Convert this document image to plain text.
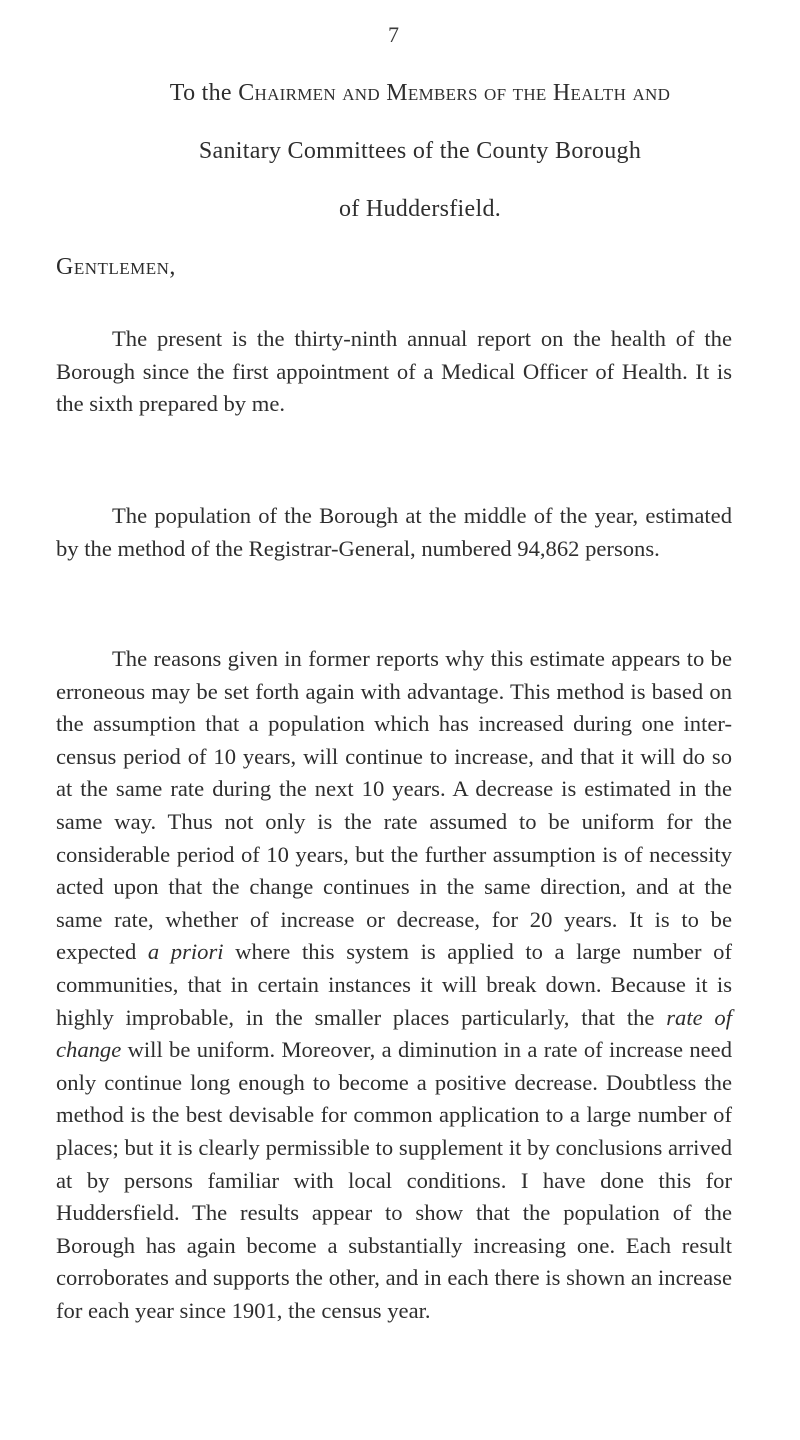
7
To the Chairmen and Members of the Health and
Sanitary Committees of the County Borough
of Huddersfield.
Gentlemen,

The present is the thirty-ninth annual report on the health of the Borough since the first appointment of a Medical Officer of Health. It is the sixth prepared by me.

The population of the Borough at the middle of the year, estimated by the method of the Registrar-General, numbered 94,862 persons.

The reasons given in former reports why this estimate appears to be erroneous may be set forth again with advantage. This method is based on the assumption that a population which has increased during one inter-census period of 10 years, will continue to increase, and that it will do so at the same rate during the next 10 years. A decrease is estimated in the same way. Thus not only is the rate assumed to be uniform for the considerable period of 10 years, but the further assumption is of necessity acted upon that the change continues in the same direction, and at the same rate, whether of increase or decrease, for 20 years. It is to be expected a priori where this system is applied to a large number of communities, that in certain instances it will break down. Because it is highly improbable, in the smaller places particularly, that the rate of change will be uniform. Moreover, a diminution in a rate of increase need only continue long enough to become a positive decrease. Doubtless the method is the best devisable for common application to a large number of places; but it is clearly permissible to supplement it by conclusions arrived at by persons familiar with local conditions. I have done this for Huddersfield. The results appear to show that the population of the Borough has again become a substantially increasing one. Each result corroborates and supports the other, and in each there is shown an increase for each year since 1901, the census year.
